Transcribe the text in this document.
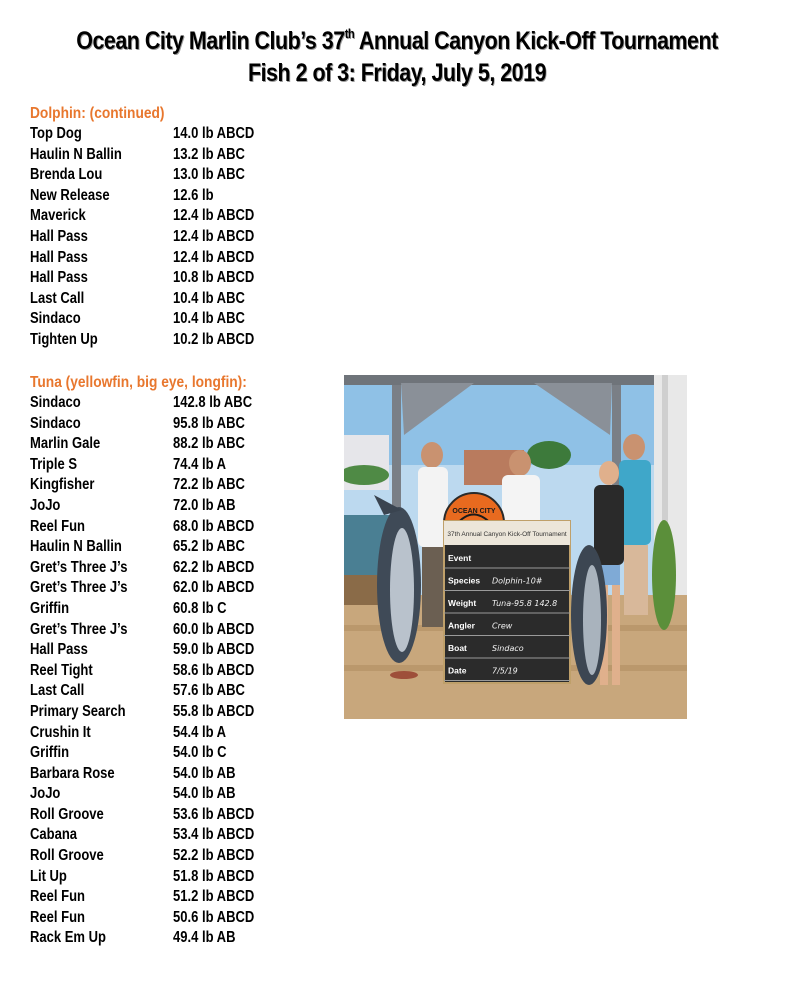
Ocean City Marlin Club’s 37th Annual Canyon Kick-Off Tournament
Fish 2 of 3: Friday, July 5, 2019
Dolphin: (continued)
Top Dog	14.0 lb ABCD
Haulin N Ballin	13.2 lb ABC
Brenda Lou	13.0 lb ABC
New Release	12.6 lb
Maverick	12.4 lb ABCD
Hall Pass	12.4 lb ABCD
Hall Pass	12.4 lb ABCD
Hall Pass	10.8 lb ABCD
Last Call	10.4 lb ABC
Sindaco	10.4 lb ABC
Tighten Up	10.2 lb ABCD
Tuna (yellowfin, big eye, longfin):
Sindaco	142.8 lb ABC
Sindaco	95.8 lb ABC
Marlin Gale	88.2 lb ABC
Triple S	74.4 lb A
Kingfisher	72.2 lb ABC
JoJo	72.0 lb AB
Reel Fun	68.0 lb ABCD
Haulin N Ballin	65.2 lb ABC
Gret’s Three J’s	62.2 lb ABCD
Gret’s Three J’s	62.0 lb ABCD
Griffin	60.8 lb C
Gret’s Three J’s	60.0 lb ABCD
Hall Pass	59.0 lb ABCD
Reel Tight	58.6 lb ABCD
Last Call	57.6 lb ABC
Primary Search	55.8 lb ABCD
Crushin It	54.4 lb A
Griffin	54.0 lb C
Barbara Rose	54.0 lb AB
JoJo	54.0 lb AB
Roll Groove	53.6 lb ABCD
Cabana	53.4 lb ABCD
Roll Groove	52.2 lb ABCD
Lit Up	51.8 lb ABCD
Reel Fun	51.2 lb ABCD
Reel Fun	50.6 lb ABCD
Rack Em Up	49.4 lb AB
OCEAN CITY
37th Annual Canyon Kick-Off Tournament
Event
Species Dolphin-10#
Weight Tuna-95.8 142.8
Angler Crew
Boat	Sindaco
Date	7/5/19
